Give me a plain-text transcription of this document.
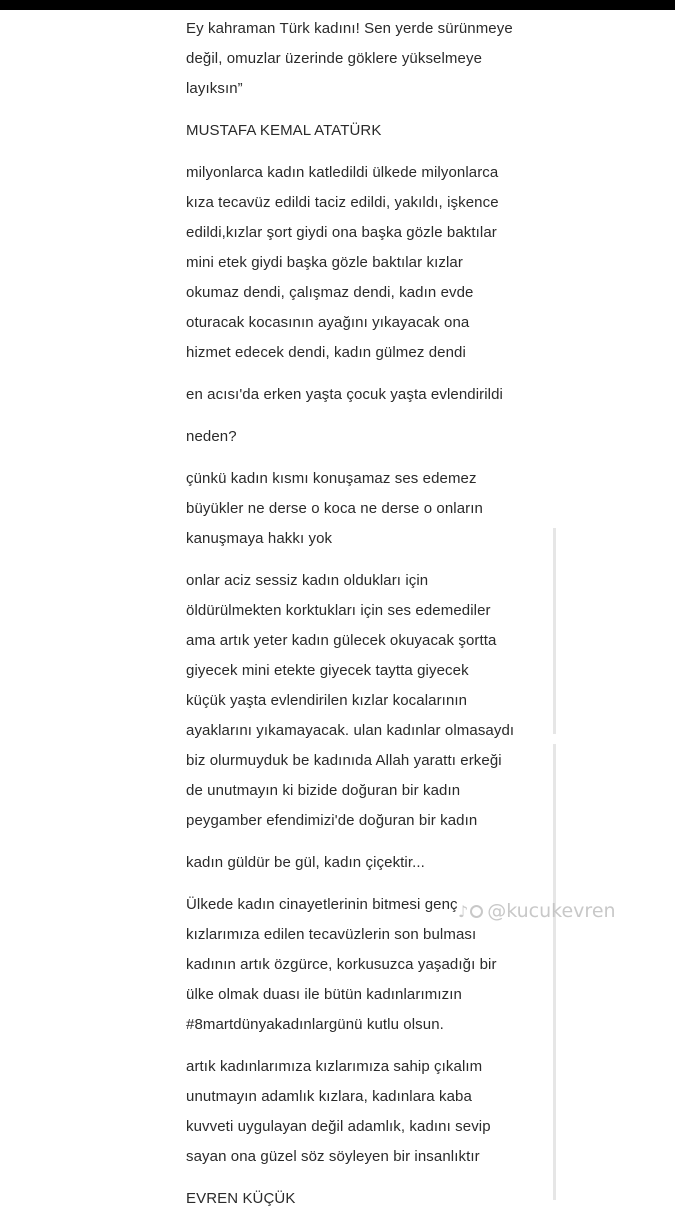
Ey kahraman Türk kadını! Sen yerde sürünmeye
değil, omuzlar üzerinde göklere yükselmeye
layıksın”

MUSTAFA KEMAL ATATÜRK

milyonlarca kadın katledildi ülkede milyonlarca
kıza tecavüz edildi taciz edildi, yakıldı, işkence
edildi,kızlar şort giydi ona başka gözle baktılar
mini etek giydi başka gözle baktılar kızlar
okumaz dendi, çalışmaz dendi, kadın evde
oturacak kocasının ayağını yıkayacak ona
hizmet edecek dendi, kadın gülmez dendi

en acısı'da erken yaşta çocuk yaşta evlendirildi

neden?

çünkü kadın kısmı konuşamaz ses edemez
büyükler ne derse o koca ne derse o onların
kanuşmaya hakkı yok

onlar aciz sessiz kadın oldukları için
öldürülmekten korktukları için ses edemediler
ama artık yeter kadın gülecek okuyacak şortta
giyecek mini etekte giyecek taytta giyecek
küçük yaşta evlendirilen kızlar kocalarının
ayaklarını yıkamayacak. ulan kadınlar olmasaydı
biz olurmuyduk be kadınıda Allah yarattı erkeği
de unutmayın ki bizide doğuran bir kadın
peygamber efendimizi'de doğuran bir kadın

kadın güldür be gül, kadın çiçektir...

Ülkede kadın cinayetlerinin bitmesi genç
kızlarımıza edilen tecavüzlerin son bulması
kadının artık özgürce, korkusuzca yaşadığı bir
ülke olmak duası ile bütün kadınlarımızın
#8martdünyakadınlargünü kutlu olsun.

artık kadınlarımıza kızlarımıza sahip çıkalım
unutmayın adamlık kızlara, kadınlara kaba
kuvveti uygulayan değil adamlık, kadını sevip
sayan ona güzel söz söyleyen bir insanlıktır

EVREN KÜÇÜK

♪	@kucukevren
